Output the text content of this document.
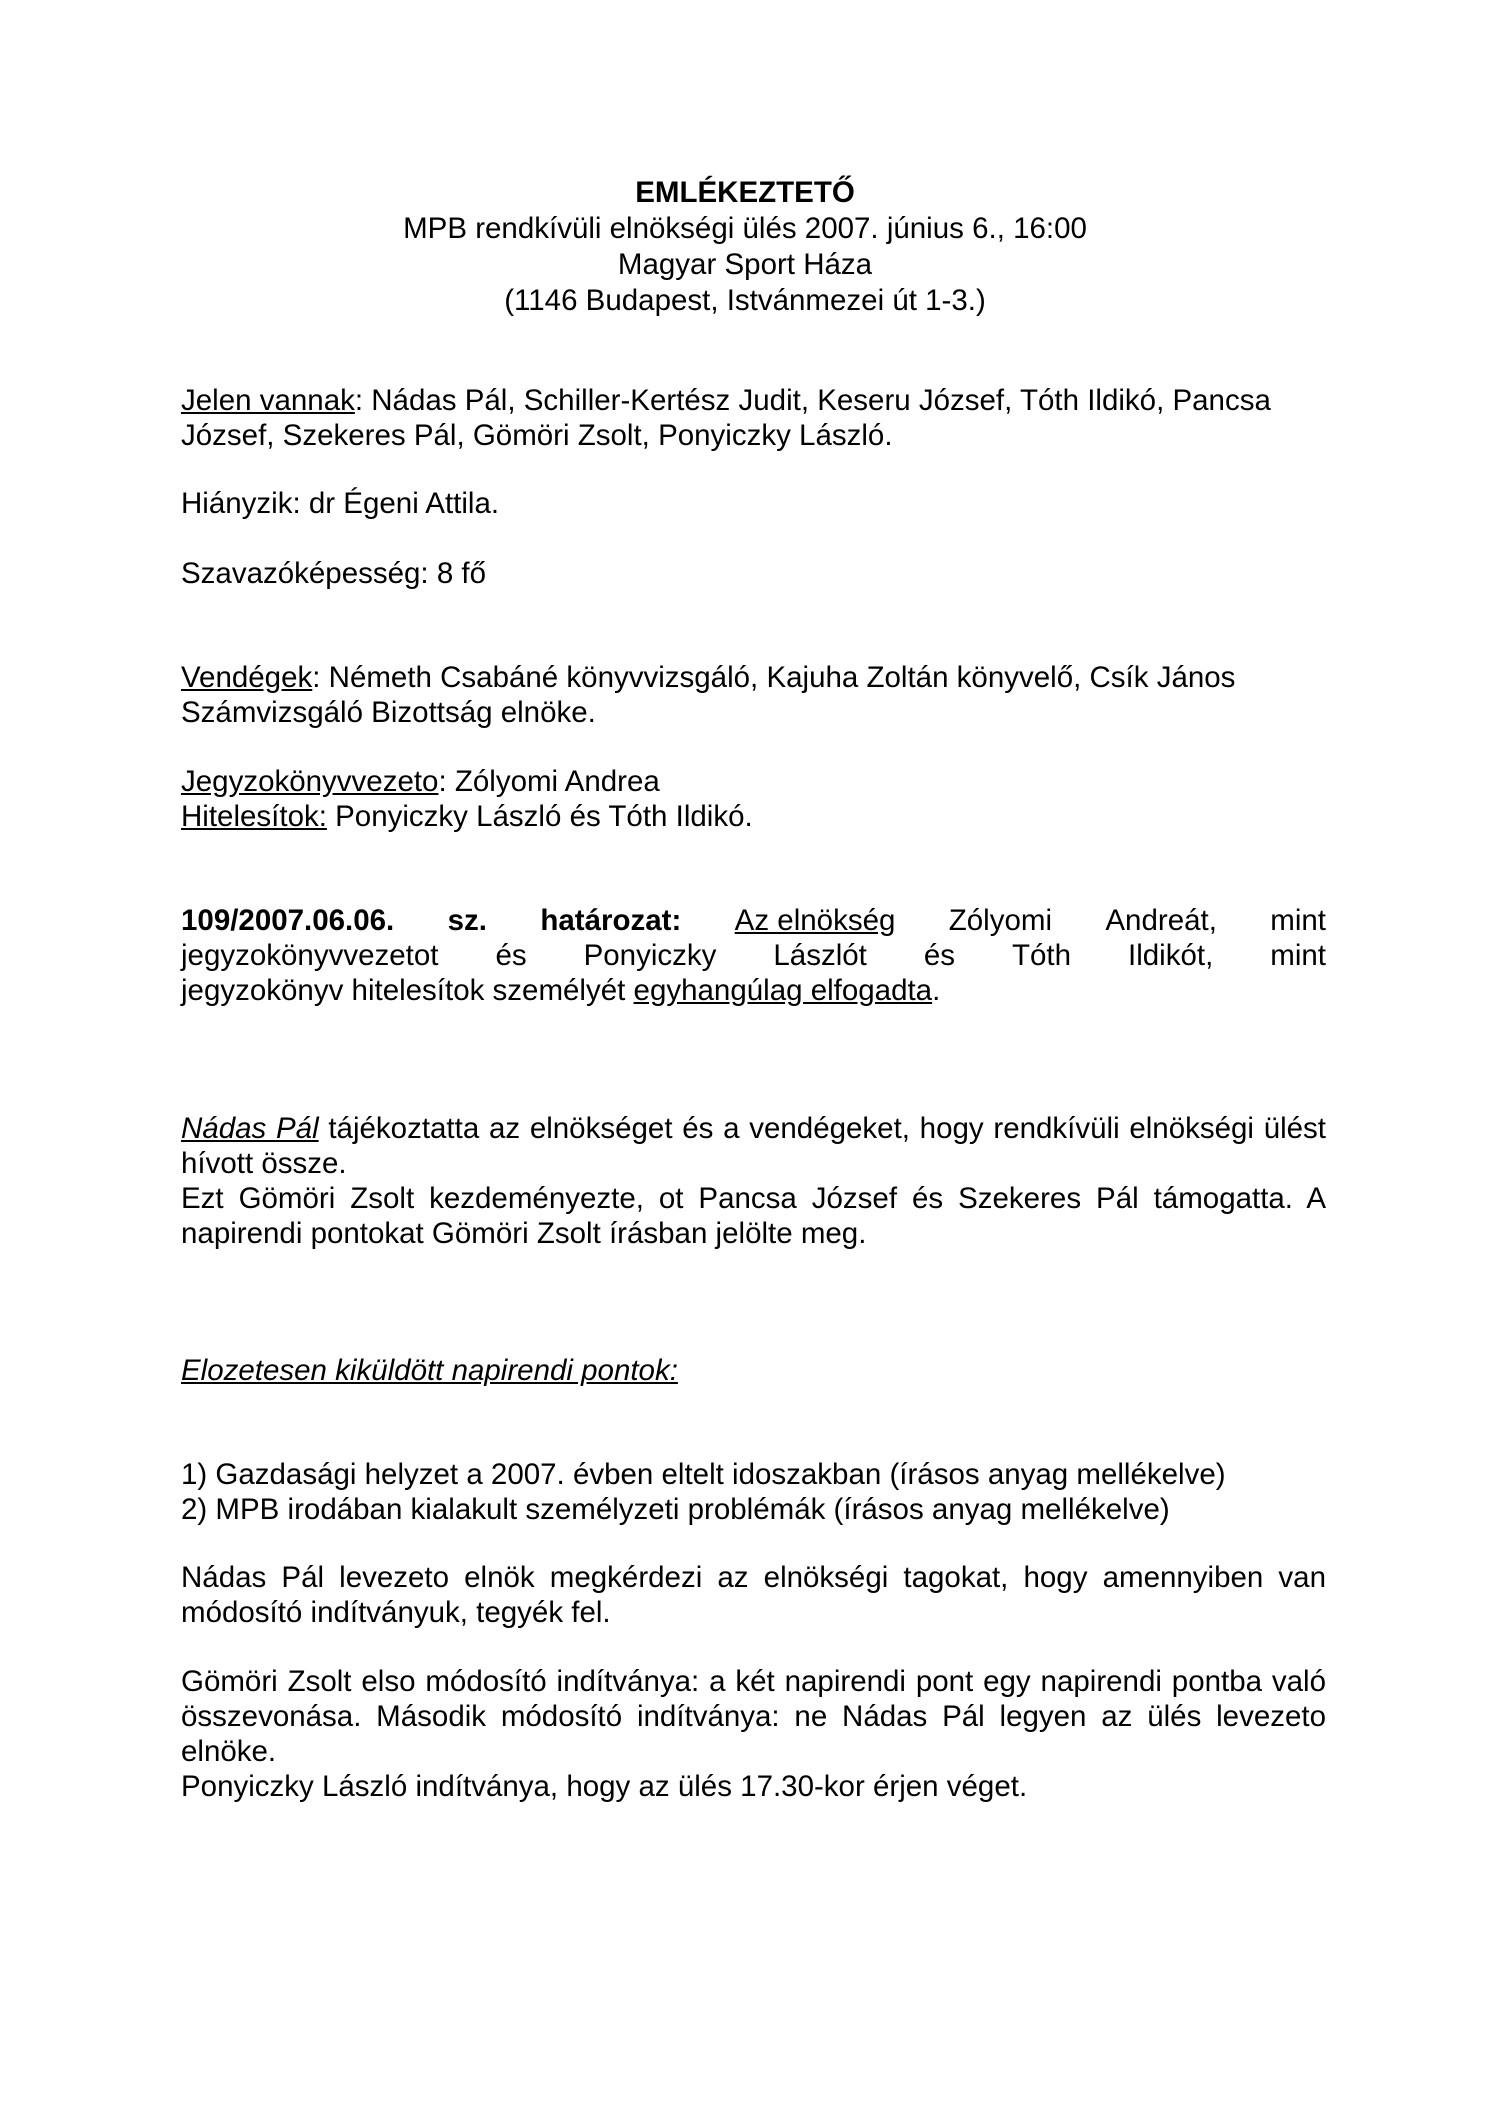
EMLÉKEZTETŐ
MPB rendkívüli elnökségi ülés 2007. június 6., 16:00
Magyar Sport Háza
(1146 Budapest, Istvánmezei út 1-3.)
Jelen vannak: Nádas Pál, Schiller-Kertész Judit, Keseru József, Tóth Ildikó, Pancsa
József, Szekeres Pál, Gömöri Zsolt, Ponyiczky László.
Hiányzik: dr Égeni Attila.
Szavazóképesség: 8 fő
Vendégek: Németh Csabáné könyvvizsgáló, Kajuha Zoltán könyvelő, Csík János
Számvizsgáló Bizottság elnöke.
Jegyzokönyvvezeto: Zólyomi Andrea
Hitelesítok: Ponyiczky László és Tóth Ildikó.
109/2007.06.06. sz. határozat: Az elnökség Zólyomi Andreát, mint
jegyzokönyvvezetot és Ponyiczky Lászlót és Tóth Ildikót, mint
jegyzokönyv hitelesítok személyét egyhangúlag elfogadta.
Nádas Pál tájékoztatta az elnökséget és a vendégeket, hogy rendkívüli elnökségi ülést hívott össze.
Ezt Gömöri Zsolt kezdeményezte, ot Pancsa József és Szekeres Pál támogatta. A napirendi pontokat Gömöri Zsolt írásban jelölte meg.
Elozetesen kiküldött napirendi pontok:
1) Gazdasági helyzet a 2007. évben eltelt idoszakban (írásos anyag mellékelve)
2) MPB irodában kialakult személyzeti problémák (írásos anyag mellékelve)
Nádas Pál levezeto elnök megkérdezi az elnökségi tagokat, hogy amennyiben van módosító indítványuk, tegyék fel.
Gömöri Zsolt elso módosító indítványa: a két napirendi pont egy napirendi pontba való összevonása. Második módosító indítványa: ne Nádas Pál legyen az ülés levezeto elnöke.
Ponyiczky László indítványa, hogy az ülés 17.30-kor érjen véget.
